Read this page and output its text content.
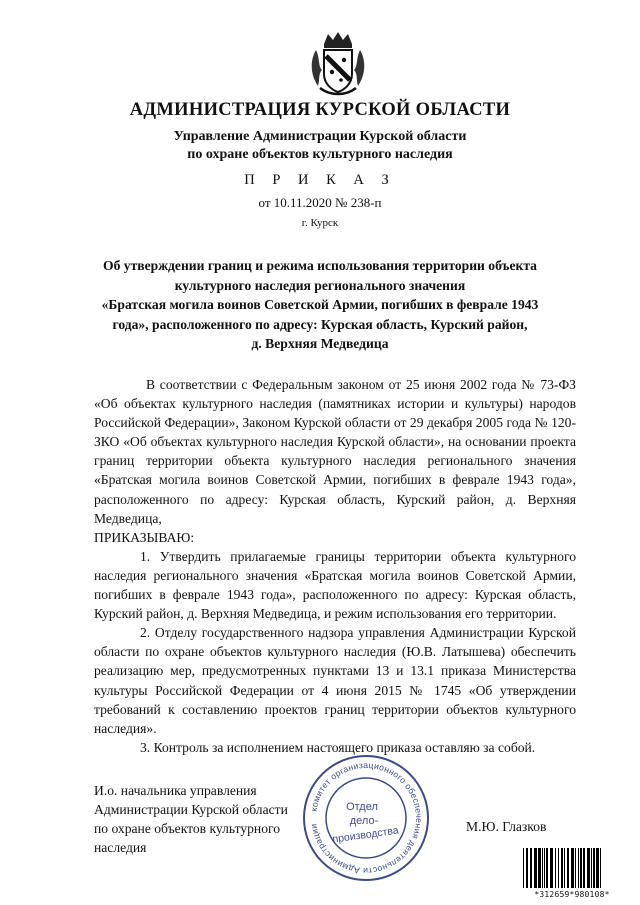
АДМИНИСТРАЦИЯ КУРСКОЙ ОБЛАСТИ
Управление Администрации Курской области
по охране объектов культурного наследия
П Р И К А З
от 10.11.2020 № 238-п
г. Курск
Об утверждении границ и режима использования территории объекта
культурного наследия регионального значения
«Братская могила воинов Советской Армии, погибших в феврале 1943
года», расположенного по адресу: Курская область, Курский район,
д. Верхняя Медведица

В соответствии с Федеральным законом от 25 июня 2002 года № 73-ФЗ «Об объектах культурного наследия (памятниках истории и культуры) народов Российской Федерации», Законом Курской области от 29 декабря 2005 года № 120-ЗКО «Об объектах культурного наследия Курской области», на основании проекта границ территории объекта культурного наследия регионального значения «Братская могила воинов Советской Армии, погибших в феврале 1943 года», расположенного по адресу: Курская область, Курский район, д. Верхняя Медведица,

ПРИКАЗЫВАЮ:

1. Утвердить прилагаемые границы территории объекта культурного наследия регионального значения «Братская могила воинов Советской Армии, погибших в феврале 1943 года», расположенного по адресу: Курская область, Курский район, д. Верхняя Медведица, и режим использования его территории.

2. Отделу государственного надзора управления Администрации Курской области по охране объектов культурного наследия (Ю.В. Латышева) обеспечить реализацию мер, предусмотренных пунктами 13 и 13.1 приказа Министерства культуры Российской Федерации от 4 июня 2015 № 1745 «Об утверждении требований к составлению проектов границ территории объектов культурного наследия».

3. Контроль за исполнением настоящего приказа оставляю за собой.

И.о. начальника управления
Администрации Курской области
по охране объектов культурного наследия
М.Ю. Глазков
комитет организационного обеспечения деятельности Администрации
Отдел
дело-
производства
*312659*980108*
